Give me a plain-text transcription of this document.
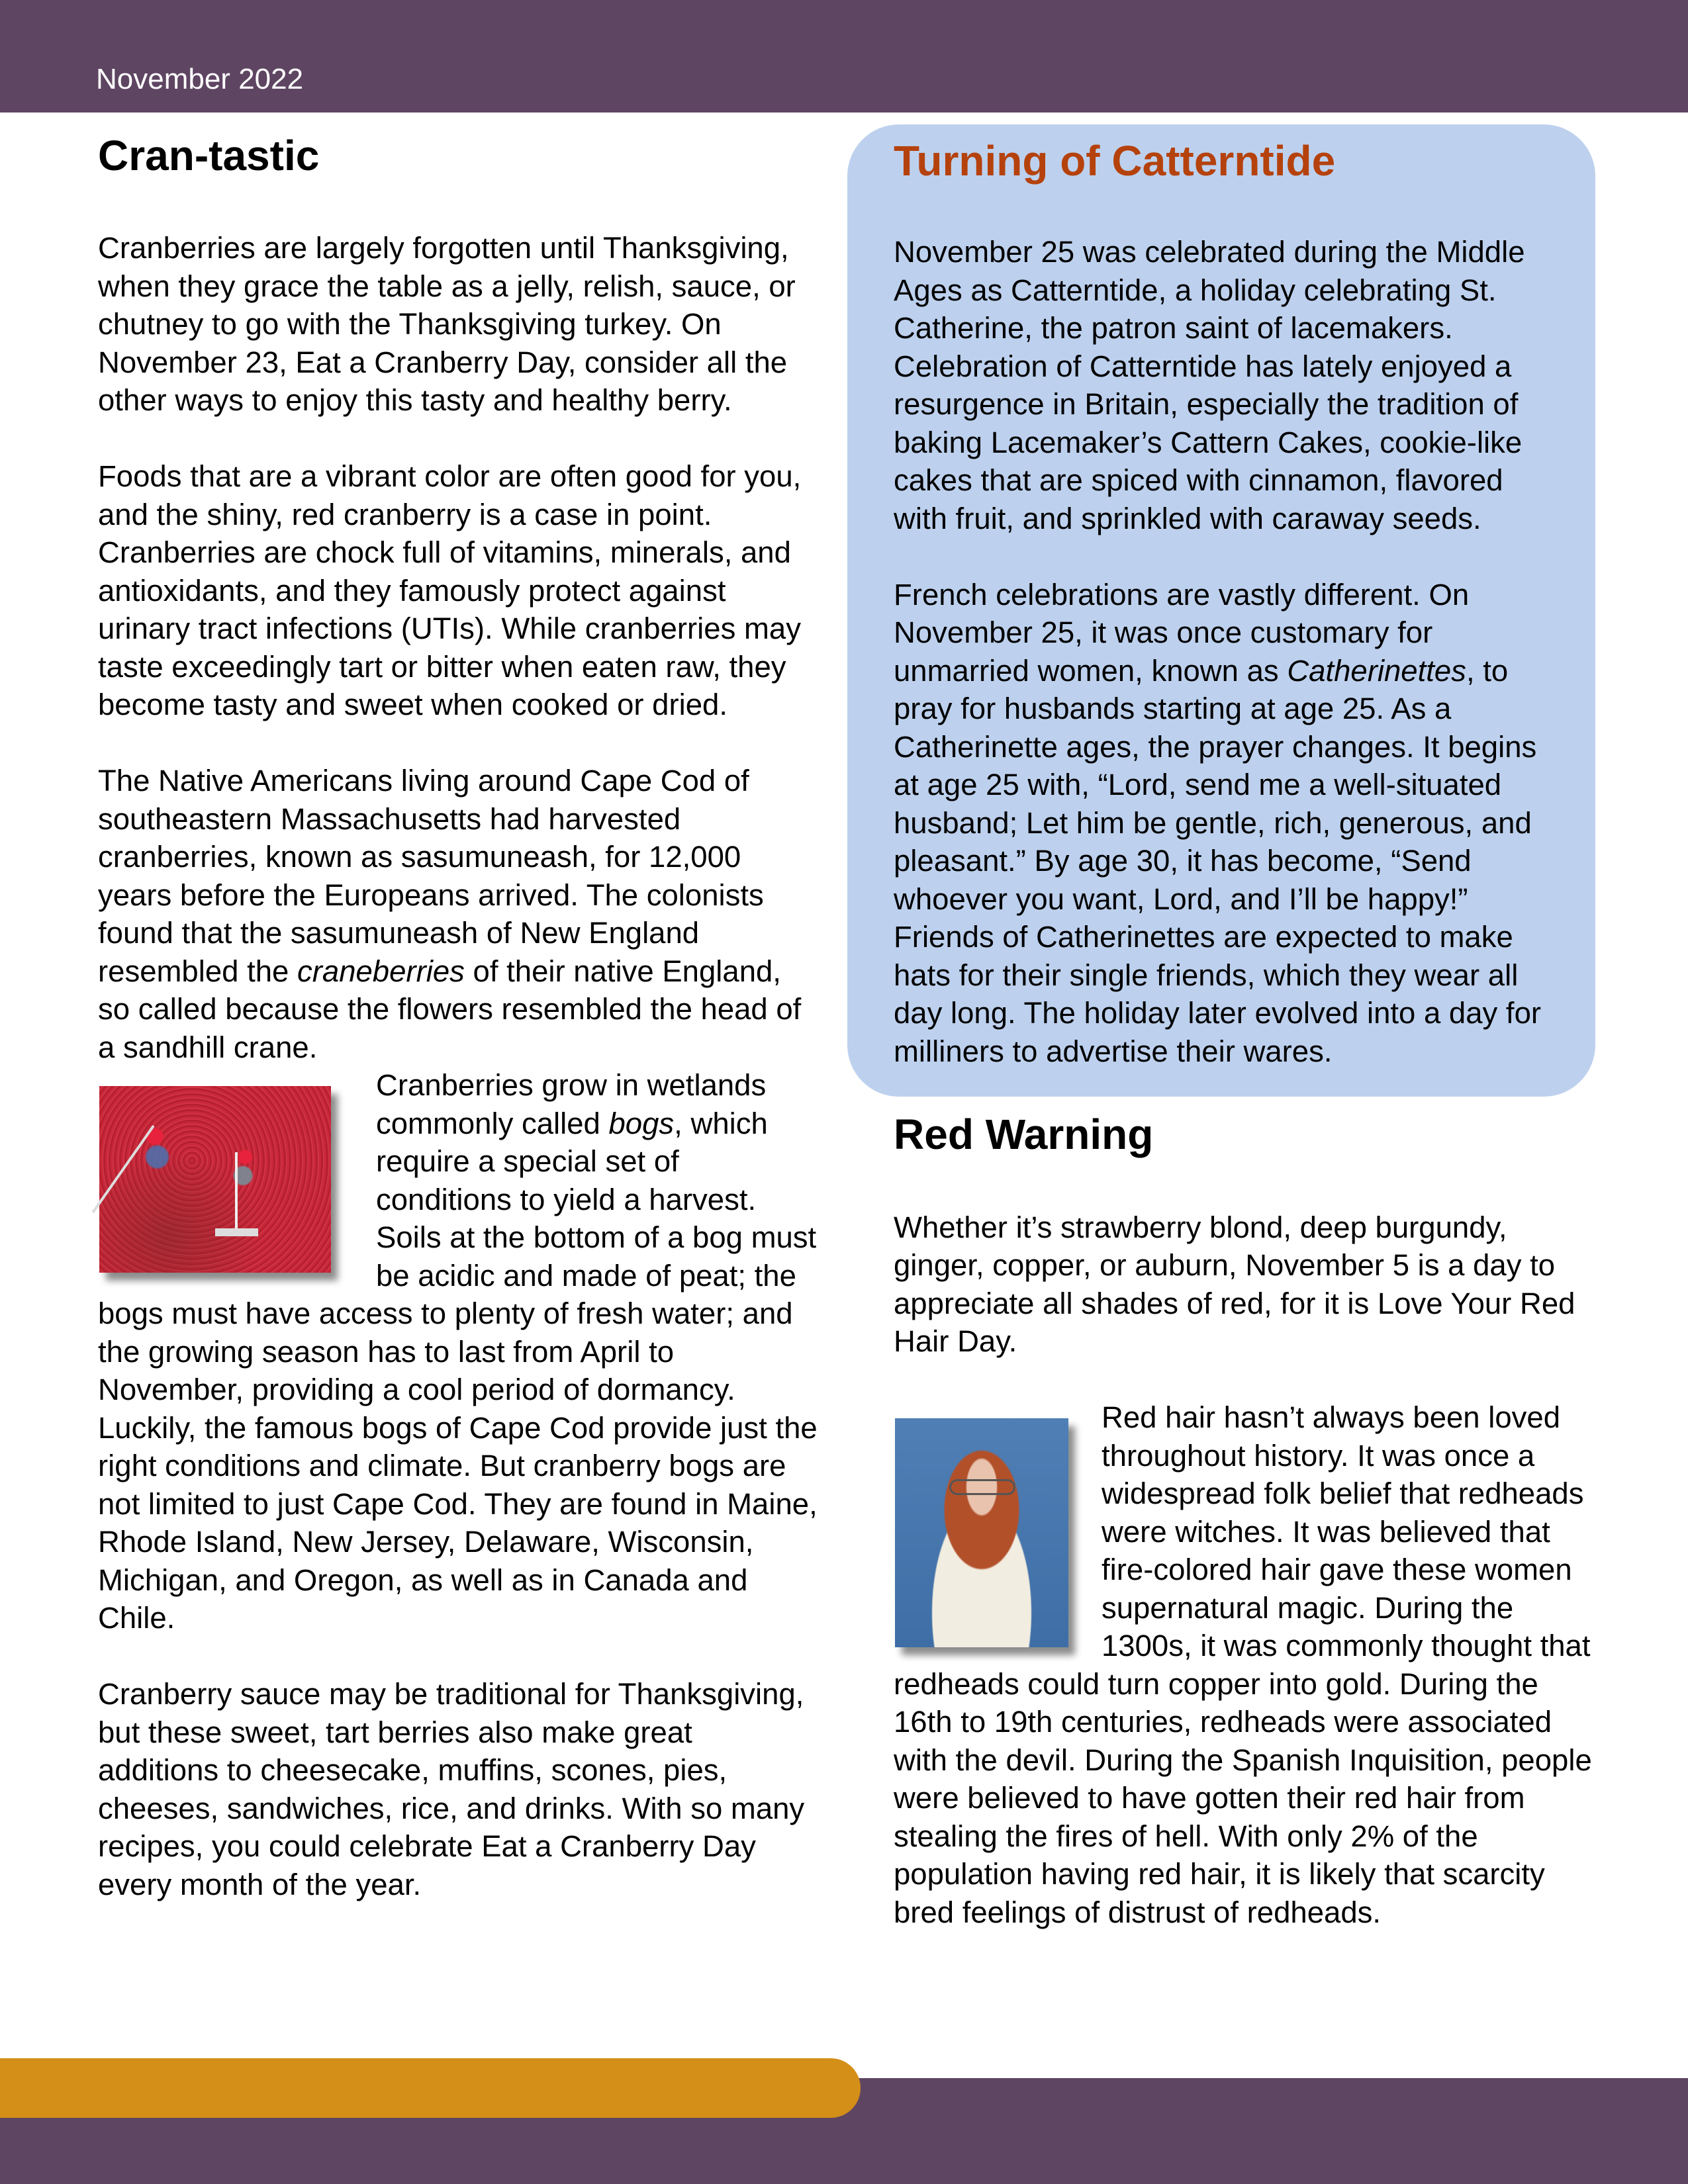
November 2022
Cran-tastic

Cranberries are largely forgotten until Thanksgiving, when they grace the table as a jelly, relish, sauce, or chutney to go with the Thanksgiving turkey. On November 23, Eat a Cranberry Day, consider all the other ways to enjoy this tasty and healthy berry.

Foods that are a vibrant color are often good for you, and the shiny, red cranberry is a case in point. Cranberries are chock full of vitamins, minerals, and antioxidants, and they famously protect against urinary tract infections (UTIs). While cranberries may taste exceedingly tart or bitter when eaten raw, they become tasty and sweet when cooked or dried.

The Native Americans living around Cape Cod of southeastern Massachusetts had harvested cranberries, known as sasumuneash, for 12,000 years before the Europeans arrived. The colonists found that the sasumuneash of New England resembled the craneberries of their native England, so called because the flowers resembled the head of a sandhill crane.

Cranberries grow in wetlands commonly called bogs, which require a special set of conditions to yield a harvest. Soils at the bottom of a bog must be acidic and made of peat; the bogs must have access to plenty of fresh water; and the growing season has to last from April to November, providing a cool period of dormancy. Luckily, the famous bogs of Cape Cod provide just the right conditions and climate. But cranberry bogs are not limited to just Cape Cod. They are found in Maine, Rhode Island, New Jersey, Delaware, Wisconsin, Michigan, and Oregon, as well as in Canada and Chile.

Cranberry sauce may be traditional for Thanksgiving, but these sweet, tart berries also make great additions to cheesecake, muffins, scones, pies, cheeses, sandwiches, rice, and drinks. With so many recipes, you could celebrate Eat a Cranberry Day every month of the year.

Turning of Catterntide

November 25 was celebrated during the Middle Ages as Catterntide, a holiday celebrating St. Catherine, the patron saint of lacemakers. Celebration of Catterntide has lately enjoyed a resurgence in Britain, especially the tradition of baking Lacemaker’s Cattern Cakes, cookie-like cakes that are spiced with cinnamon, flavored with fruit, and sprinkled with caraway seeds.

French celebrations are vastly different. On November 25, it was once customary for unmarried women, known as Catherinettes, to pray for husbands starting at age 25. As a Catherinette ages, the prayer changes. It begins at age 25 with, “Lord, send me a well-situated husband; Let him be gentle, rich, generous, and pleasant.” By age 30, it has become, “Send whoever you want, Lord, and I’ll be happy!” Friends of Catherinettes are expected to make hats for their single friends, which they wear all day long. The holiday later evolved into a day for milliners to advertise their wares.

Red Warning

Whether it’s strawberry blond, deep burgundy, ginger, copper, or auburn, November 5 is a day to appreciate all shades of red, for it is Love Your Red Hair Day.

Red hair hasn’t always been loved throughout history. It was once a widespread folk belief that redheads were witches. It was believed that fire-colored hair gave these women supernatural magic. During the 1300s, it was commonly thought that redheads could turn copper into gold. During the 16th to 19th centuries, redheads were associated with the devil. During the Spanish Inquisition, people were believed to have gotten their red hair from stealing the fires of hell. With only 2% of the population having red hair, it is likely that scarcity bred feelings of distrust of redheads.
